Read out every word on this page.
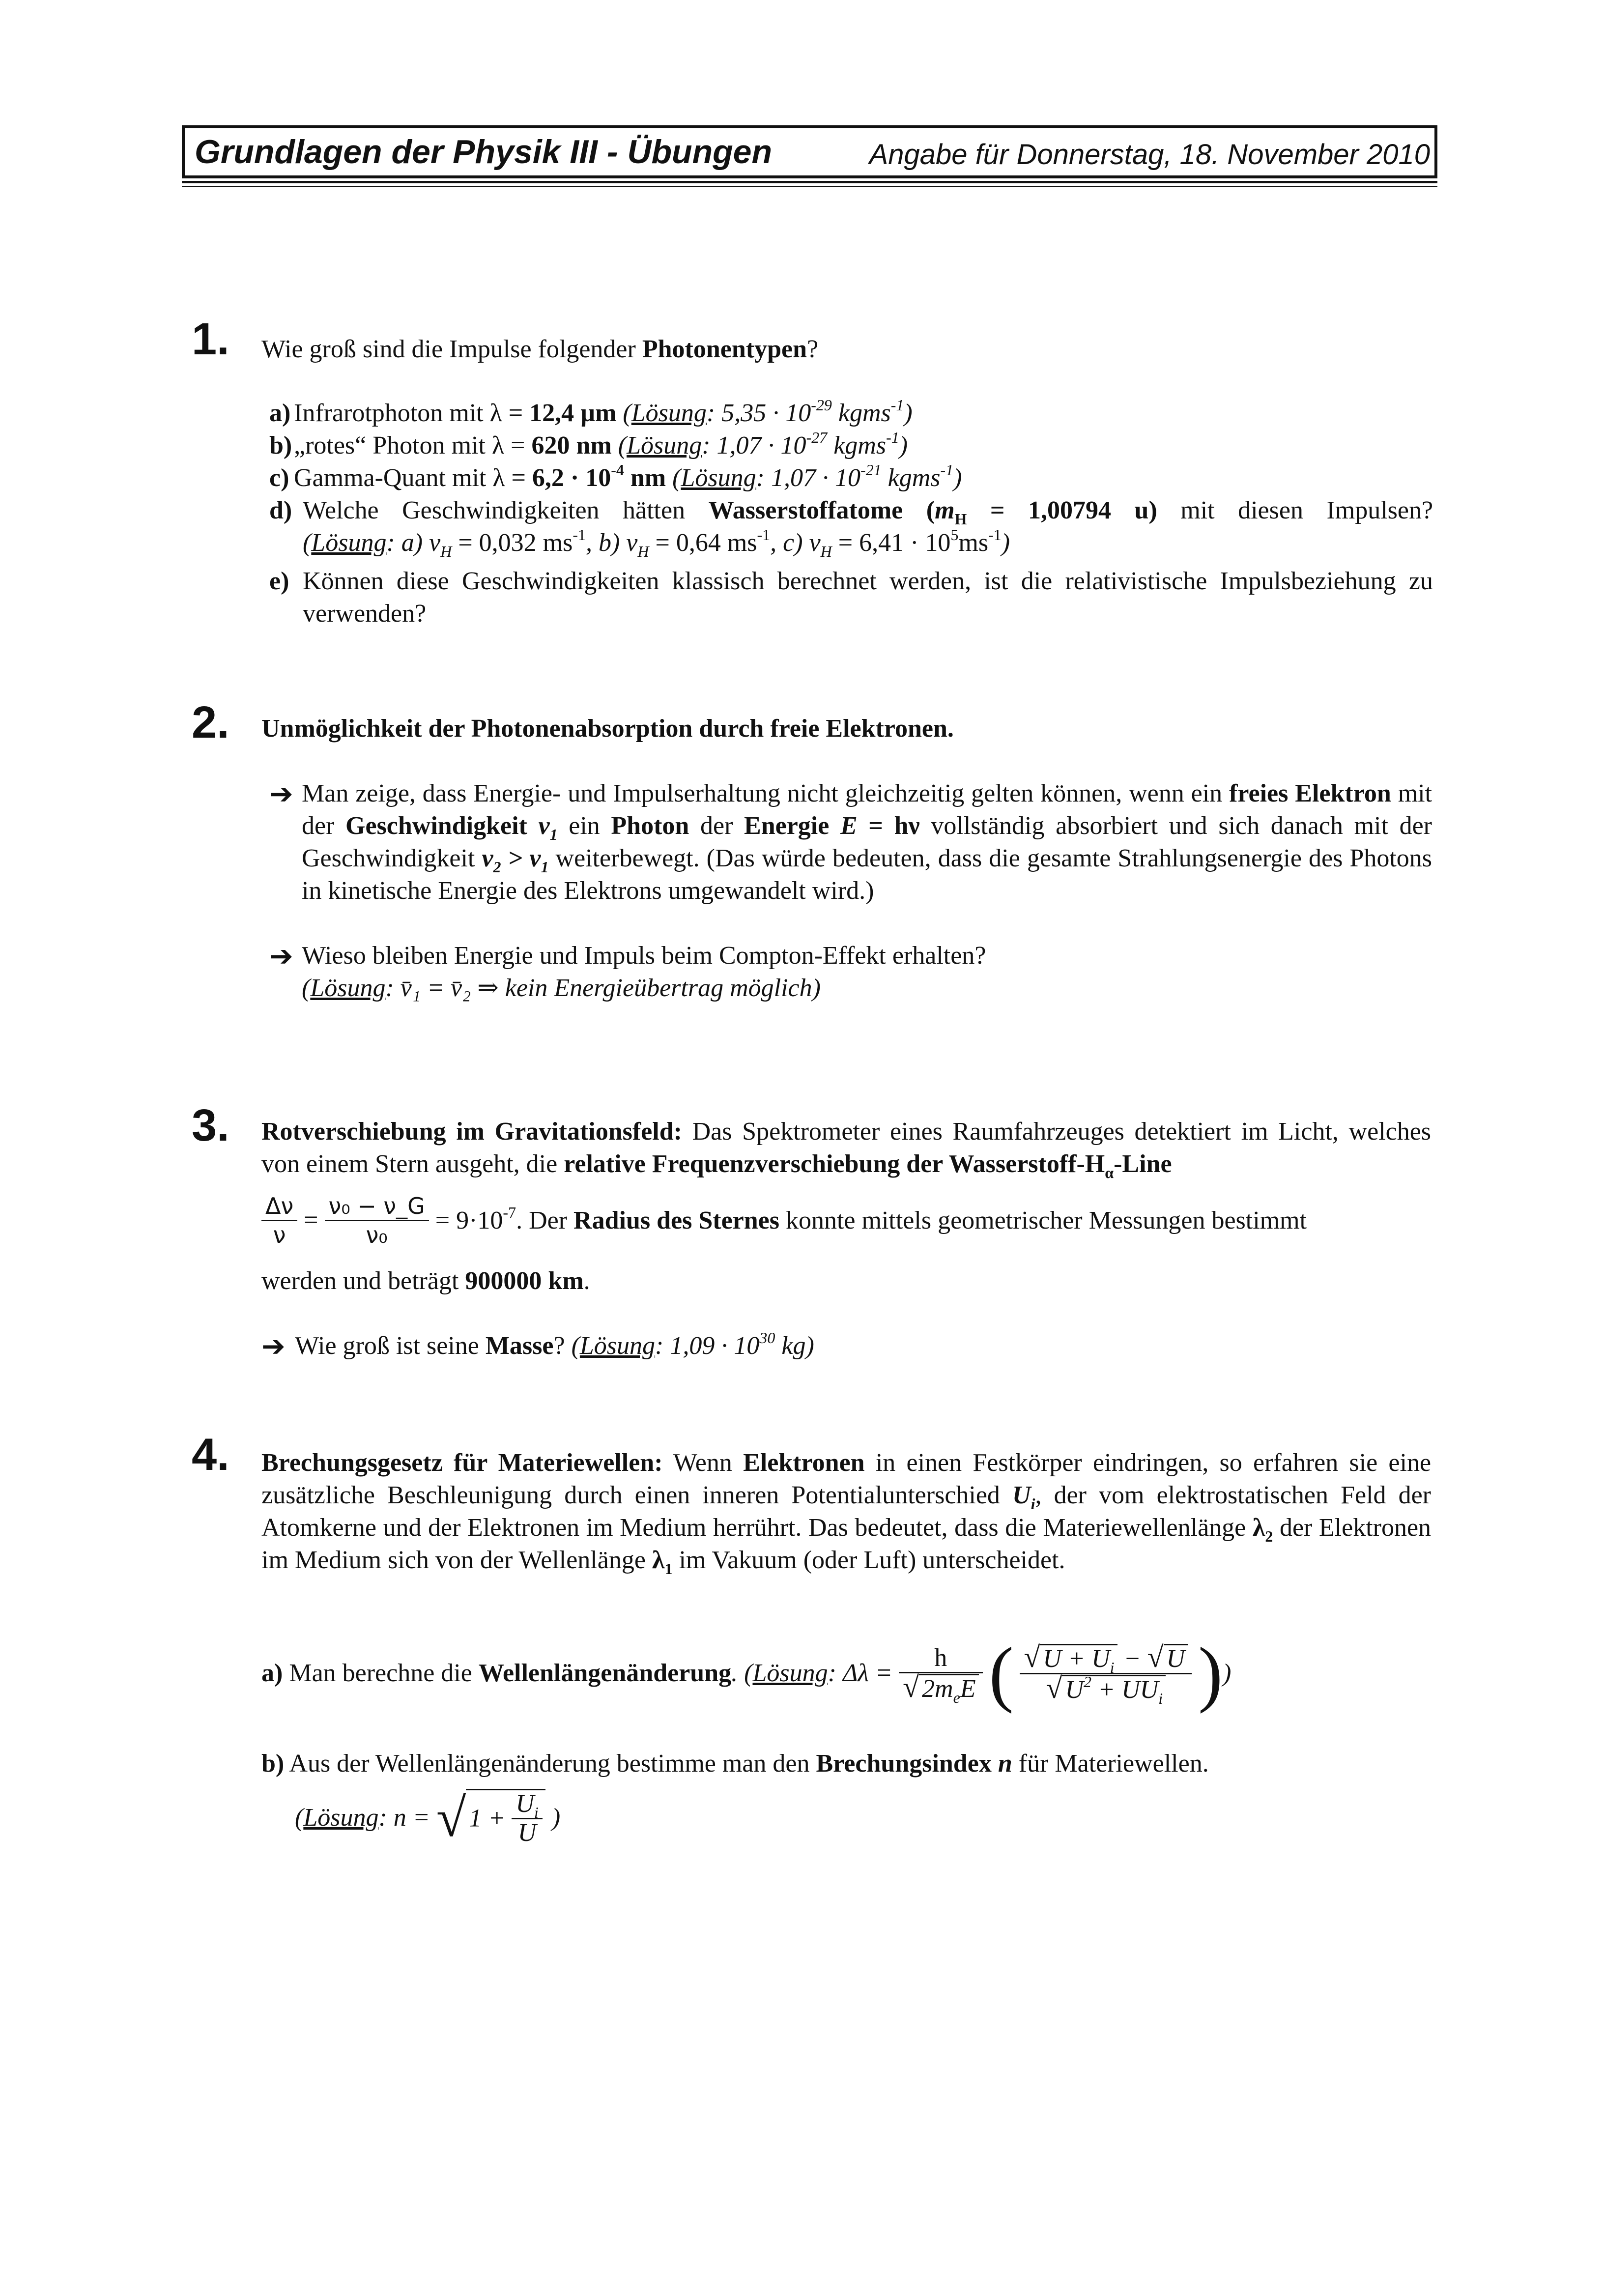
Grundlagen der Physik III - Übungen	Angabe für Donnerstag, 18. November 2010
1. Wie groß sind die Impulse folgender Photonentypen?
a) Infrarotphoton mit λ = 12,4 µm (Lösung: $5,35 \cdot 10^{-29}$ kgms$^{-1}$)
b) „rotes“ Photon mit λ = 620 nm (Lösung: $1,07 \cdot 10^{-27}$ kgms$^{-1}$)
c) Gamma-Quant mit $\lambda = 6,2 \cdot 10^{-4}$ nm (Lösung: $1,07 \cdot 10^{-21}$ kgms$^{-1}$)
d) Welche Geschwindigkeiten hätten Wasserstoffatome ($m_H = 1,00794$ u) mit diesen Impulsen?
(Lösung: a) $v_H = 0,032$ $ms^{-1}$, b) $v_H = 0,64$ $ms^{-1}$, c) $v_H = 6,41 \cdot 10^5ms^{-1}$)
e) Können diese Geschwindigkeiten klassisch berechnet werden, ist die relativistische Impulsbeziehung zu verwenden?
2. Unmöglichkeit der Photonenabsorption durch freie Elektronen.
➔ Man zeige, dass Energie- und Impulserhaltung nicht gleichzeitig gelten können, wenn ein freies Elektron mit der Geschwindigkeit $v_1$ ein Photon der Energie E = hν vollständig absorbiert und sich danach mit der Geschwindigkeit $v_2 > v_1$ weiterbewegt. (Das würde bedeuten, dass die gesamte Strahlungsenergie des Photons in kinetische Energie des Elektrons umgewandelt wird.)
➔ Wieso bleiben Energie und Impuls beim Compton-Effekt erhalten?
(Lösung: v̄₁ = v̄₂ ⇒ kein Energieübertrag möglich)
3. Rotverschiebung im Gravitationsfeld: Das Spektrometer eines Raumfahrzeuges detektiert im Licht, welches von einem Stern ausgeht, die relative Frequenzverschiebung der Wasserstoff-$H_\alpha$-Line
$\frac{\Delta\nu}{\nu} = \frac{\text{ν₀ − ν\_G}}{\text{ν₀}} = 9\cdot 10^{-7}$. Der Radius des Sternes konnte mittels geometrischer Messungen bestimmt
werden und beträgt 900000 km.
➔ Wie groß ist seine Masse? (Lösung: $1,09 \cdot 10^{30}$ kg)
4. Brechungsgesetz für Materiewellen: Wenn Elektronen in einen Festkörper eindringen, so erfahren sie eine zusätzliche Beschleunigung durch einen inneren Potentialunterschied $U_i$, der vom elektrostatischen Feld der Atomkerne und der Elektronen im Medium herrührt. Das bedeutet, dass die Materiewellenlänge $\lambda_2$ der Elektronen im Medium sich von der Wellenlänge $\lambda_1$ im Vakuum (oder Luft) unterscheidet.
a) Man berechne die Wellenlängenänderung. (Lösung: $\Delta\lambda = \frac{h}{√ 2m_eE}$ ( $\frac{√ U + U_i - √ U}{√ U^2 + UU_i}$ ))
b) Aus der Wellenlängenänderung bestimme man den Brechungsindex n für Materiewellen.
(Lösung: n = √ $1 + \frac{U_i}{U}$ )
